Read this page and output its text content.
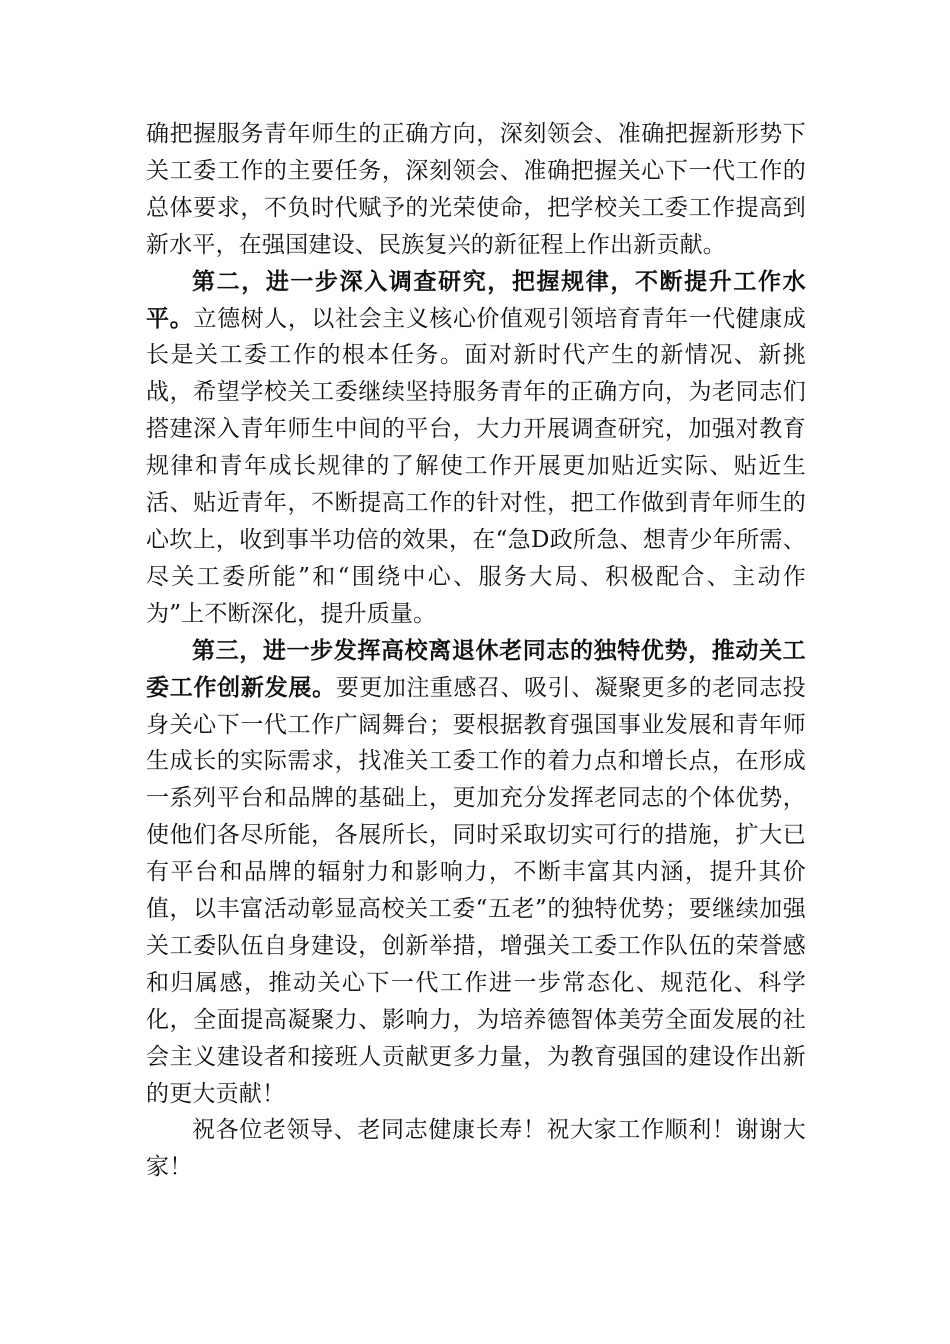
确把握服务青年师生的正确方向，深刻领会、准确把握新形势下关工委工作的主要任务，深刻领会、准确把握关心下一代工作的总体要求，不负时代赋予的光荣使命，把学校关工委工作提高到新水平，在强国建设、民族复兴的新征程上作出新贡献。

第二，进一步深入调查研究，把握规律，不断提升工作水平。立德树人，以社会主义核心价值观引领培育青年一代健康成长是关工委工作的根本任务。面对新时代产生的新情况、新挑战，希望学校关工委继续坚持服务青年的正确方向，为老同志们搭建深入青年师生中间的平台，大力开展调查研究，加强对教育规律和青年成长规律的了解使工作开展更加贴近实际、贴近生活、贴近青年，不断提高工作的针对性，把工作做到青年师生的心坎上，收到事半功倍的效果，在“急D政所急、想青少年所需、尽关工委所能”和“围绕中心、服务大局、积极配合、主动作为”上不断深化，提升质量。

第三，进一步发挥高校离退休老同志的独特优势，推动关工委工作创新发展。要更加注重感召、吸引、凝聚更多的老同志投身关心下一代工作广阔舞台；要根据教育强国事业发展和青年师生成长的实际需求，找准关工委工作的着力点和增长点，在形成一系列平台和品牌的基础上，更加充分发挥老同志的个体优势，使他们各尽所能，各展所长，同时采取切实可行的措施，扩大已有平台和品牌的辐射力和影响力，不断丰富其内涵，提升其价值，以丰富活动彰显高校关工委“五老”的独特优势；要继续加强关工委队伍自身建设，创新举措，增强关工委工作队伍的荣誉感和归属感，推动关心下一代工作进一步常态化、规范化、科学化，全面提高凝聚力、影响力，为培养德智体美劳全面发展的社会主义建设者和接班人贡献更多力量，为教育强国的建设作出新的更大贡献！

祝各位老领导、老同志健康长寿！祝大家工作顺利！谢谢大家！
